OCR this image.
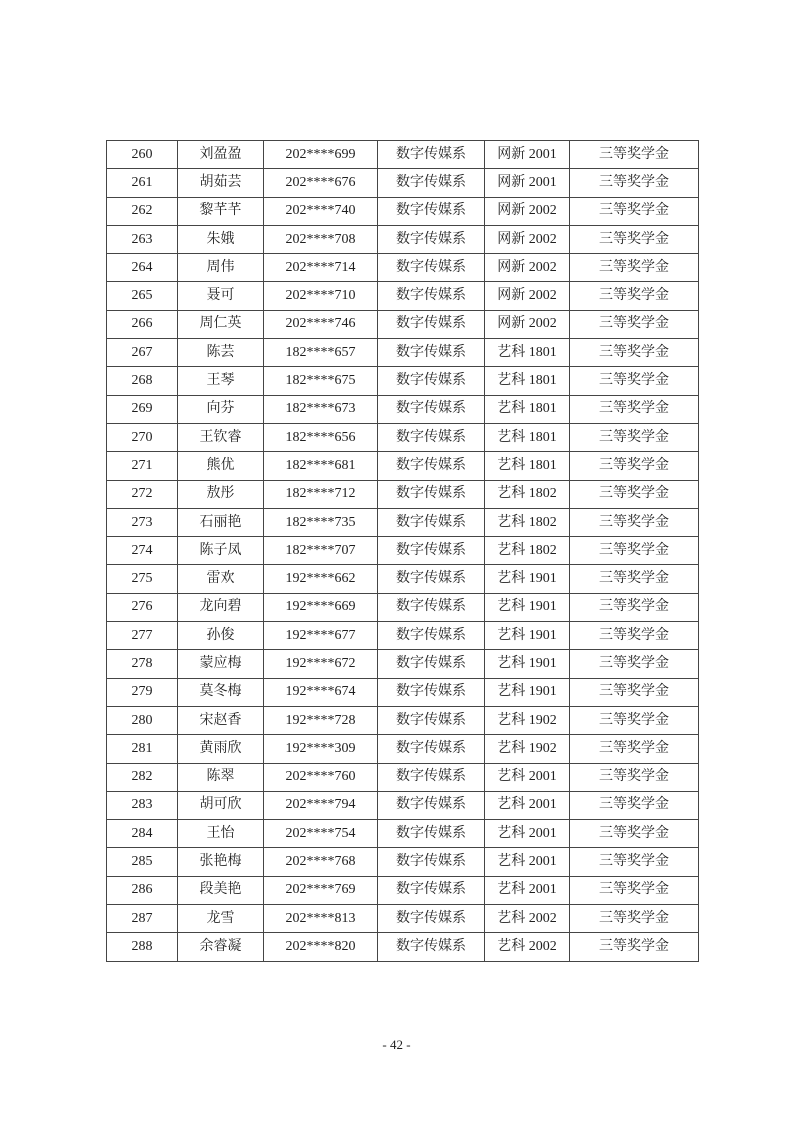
260	刘盈盈	202****699	数字传媒系	网新 2001	三等奖学金
261	胡茹芸	202****676	数字传媒系	网新 2001	三等奖学金
262	黎芊芊	202****740	数字传媒系	网新 2002	三等奖学金
263	朱娥	202****708	数字传媒系	网新 2002	三等奖学金
264	周伟	202****714	数字传媒系	网新 2002	三等奖学金
265	聂可	202****710	数字传媒系	网新 2002	三等奖学金
266	周仁英	202****746	数字传媒系	网新 2002	三等奖学金
267	陈芸	182****657	数字传媒系	艺科 1801	三等奖学金
268	王琴	182****675	数字传媒系	艺科 1801	三等奖学金
269	向芬	182****673	数字传媒系	艺科 1801	三等奖学金
270	王钦睿	182****656	数字传媒系	艺科 1801	三等奖学金
271	熊优	182****681	数字传媒系	艺科 1801	三等奖学金
272	敖彤	182****712	数字传媒系	艺科 1802	三等奖学金
273	石丽艳	182****735	数字传媒系	艺科 1802	三等奖学金
274	陈子凤	182****707	数字传媒系	艺科 1802	三等奖学金
275	雷欢	192****662	数字传媒系	艺科 1901	三等奖学金
276	龙向碧	192****669	数字传媒系	艺科 1901	三等奖学金
277	孙俊	192****677	数字传媒系	艺科 1901	三等奖学金
278	蒙应梅	192****672	数字传媒系	艺科 1901	三等奖学金
279	莫冬梅	192****674	数字传媒系	艺科 1901	三等奖学金
280	宋赵香	192****728	数字传媒系	艺科 1902	三等奖学金
281	黄雨欣	192****309	数字传媒系	艺科 1902	三等奖学金
282	陈翠	202****760	数字传媒系	艺科 2001	三等奖学金
283	胡可欣	202****794	数字传媒系	艺科 2001	三等奖学金
284	王怡	202****754	数字传媒系	艺科 2001	三等奖学金
285	张艳梅	202****768	数字传媒系	艺科 2001	三等奖学金
286	段美艳	202****769	数字传媒系	艺科 2001	三等奖学金
287	龙雪	202****813	数字传媒系	艺科 2002	三等奖学金
288	余睿凝	202****820	数字传媒系	艺科 2002	三等奖学金
- 42 -
